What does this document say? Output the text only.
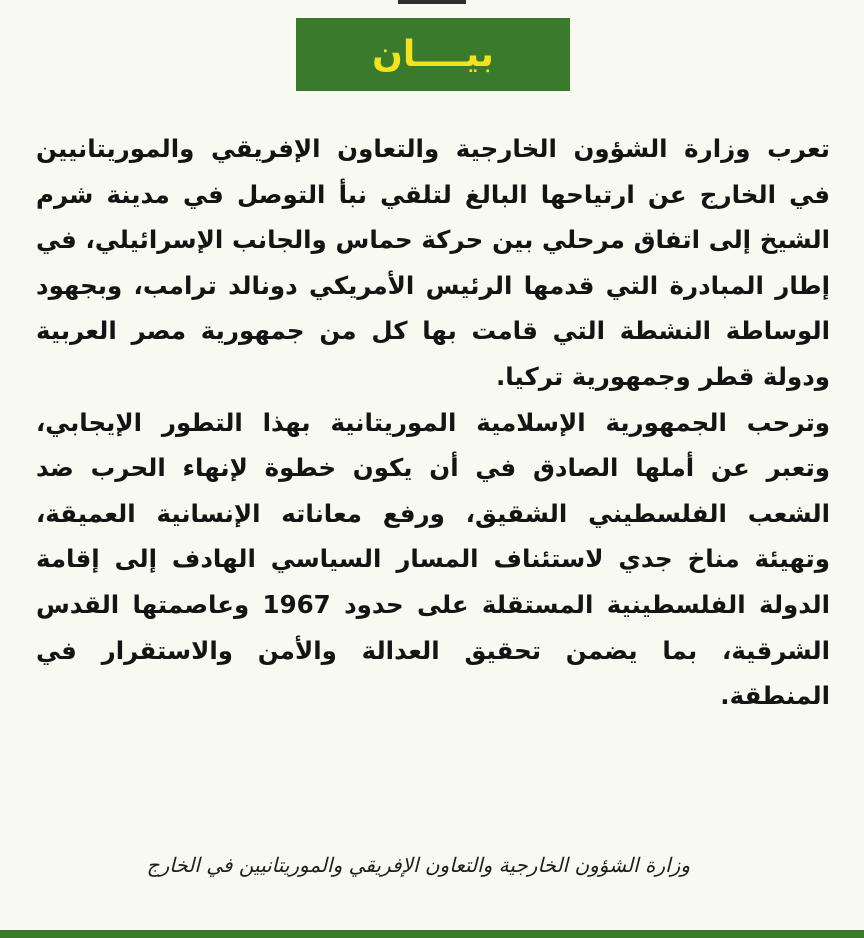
بيــــان

تعرب وزارة الشؤون الخارجية والتعاون الإفريقي والموريتانيين في الخارج عن ارتياحها البالغ لتلقي نبأ التوصل في مدينة شرم الشيخ إلى اتفاق مرحلي بين حركة حماس والجانب الإسرائيلي، في إطار المبادرة التي قدمها الرئيس الأمريكي دونالد ترامب، وبجهود الوساطة النشطة التي قامت بها كل من جمهورية مصر العربية ودولة قطر وجمهورية تركيا.

وترحب الجمهورية الإسلامية الموريتانية بهذا التطور الإيجابي، وتعبر عن أملها الصادق في أن يكون خطوة لإنهاء الحرب ضد الشعب الفلسطيني الشقيق، ورفع معاناته الإنسانية العميقة، وتهيئة مناخ جدي لاستئناف المسار السياسي الهادف إلى إقامة الدولة الفلسطينية المستقلة على حدود 1967 وعاصمتها القدس الشرقية، بما يضمن تحقيق العدالة والأمن والاستقرار في المنطقة.

وزارة الشؤون الخارجية والتعاون الإفريقي والموريتانيين في الخارج
